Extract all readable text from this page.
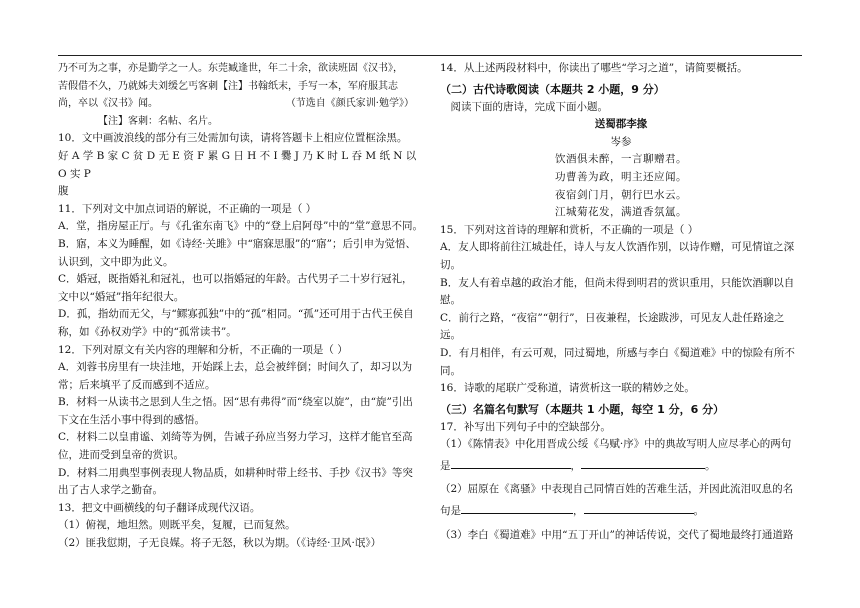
乃不可为之事，亦是勤学之一人。东莞臧逢世，年二十余，欲读班固《汉书》，

苦假借不久，乃就姊夫刘缓乞丐客刺【注】书翰纸末，手写一本，军府服其志

尚，卒以《汉书》闻。	（节选自《颜氏家训·勉学》）

【注】客刺：名帖、名片。

10．文中画波浪线的部分有三处需加句读，请将答题卡上相应位置框涂黑。

好 A 学 B 家 C 贫 D 无 E 资 F 累 G 日 H 不 I 爨 J 乃 K 时 L 吞 M 纸 N 以 O 实 P

腹

11．下列对文中加点词语的解说，不正确的一项是（ ）

A．堂，指房屋正厅。与《孔雀东南飞》中的“登上启阿母”中的“堂”意思不同。

B．寤，本义为睡醒，如《诗经·关雎》中“寤寐思服”的“寤”；后引申为觉悟、

认识到，文中即为此义。

C．婚冠，既指婚礼和冠礼，也可以指婚冠的年龄。古代男子二十岁行冠礼，

文中以“婚冠”指年纪很大。

D．孤，指幼而无父，与“鳏寡孤独”中的“孤”相同。“孤”还可用于古代王侯自

称，如《孙权劝学》中的“孤常读书”。

12．下列对原文有关内容的理解和分析，不正确的一项是（ ）

A．刘蓉书房里有一块洼地，开始踩上去，总会被绊倒；时间久了，却习以为

常；后来填平了反而感到不适应。

B．材料一从读书之思到人生之悟。因“思有弗得”而“绕室以旋”，由“旋”引出

下文在生活小事中得到的感悟。

C．材料二以皇甫谧、刘绮等为例，告诫子孙应当努力学习，这样才能官至高

位，进而受到皇帝的赏识。

D．材料二用典型事例表现人物品质，如耕种时带上经书、手抄《汉书》等突

出了古人求学之勤奋。

13．把文中画横线的句子翻译成现代汉语。

（1）俯视，地坦然。则既平矣，复履，已而复然。

（2）匪我愆期，子无良媒。将子无怒，秋以为期。（《诗经·卫风·氓》）

14．从上述两段材料中，你读出了哪些“学习之道”，请简要概括。

（二）古代诗歌阅读（本题共 2 小题，9 分）

阅读下面的唐诗，完成下面小题。

送蜀郡李掾

岑参

饮酒俱未醉，一言聊赠君。

功曹善为政，明主还应闻。

夜宿剑门月，朝行巴水云。

江城菊花发，满道香氛氲。

15．下列对这首诗的理解和赏析，不正确的一项是（ ）

A．友人即将前往江城赴任，诗人与友人饮酒作别，以诗作赠，可见情谊之深

切。

B．友人有着卓越的政治才能，但尚未得到明君的赏识重用，只能饮酒聊以自

慰。

C．前行之路，“夜宿”“朝行”，日夜兼程，长途跋涉，可见友人赴任路途之远。

D．有月相伴，有云可观，同过蜀地，所感与李白《蜀道难》中的惊险有所不

同。

16．诗歌的尾联广受称道，请赏析这一联的精妙之处。

（三）名篇名句默写（本题共 1 小题，每空 1 分，6 分）

17．补写出下列句子中的空缺部分。

（1）《陈情表》中化用晋成公绥《乌赋·序》中的典故写明人应尽孝心的两句

是	，	。

（2）屈原在《离骚》中表现自己同情百姓的苦难生活，并因此流泪叹息的名

句是	，	。

（3）李白《蜀道难》中用“五丁开山”的神话传说，交代了蜀地最终打通道路
